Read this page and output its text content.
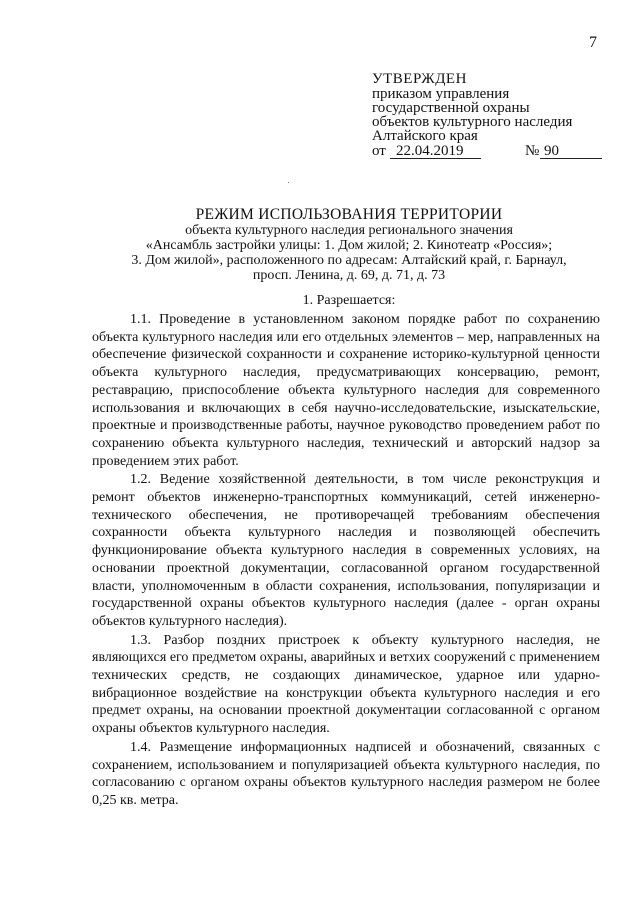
7
УТВЕРЖДЕН
приказом управления
государственной охраны
объектов культурного наследия
Алтайского края
от 22.04.2019	№ 90
РЕЖИМ ИСПОЛЬЗОВАНИЯ ТЕРРИТОРИИ
объекта культурного наследия регионального значения
«Ансамбль застройки улицы: 1. Дом жилой; 2. Кинотеатр «Россия»;
3. Дом жилой», расположенного по адресам: Алтайский край, г. Барнаул,
просп. Ленина, д. 69, д. 71, д. 73
1. Разрешается:

1.1. Проведение в установленном законом порядке работ по сохранению объекта культурного наследия или его отдельных элементов – мер, направленных на обеспечение физической сохранности и сохранение историко-культурной ценности объекта культурного наследия, предусматривающих консервацию, ремонт, реставрацию, приспособление объекта культурного наследия для современного использования и включающих в себя научно-исследовательские, изыскательские, проектные и производственные работы, научное руководство проведением работ по сохранению объекта культурного наследия, технический и авторский надзор за проведением этих работ.

1.2. Ведение хозяйственной деятельности, в том числе реконструкция и ремонт объектов инженерно-транспортных коммуникаций, сетей инженерно-технического обеспечения, не противоречащей требованиям обеспечения сохранности объекта культурного наследия и позволяющей обеспечить функционирование объекта культурного наследия в современных условиях, на основании проектной документации, согласованной органом государственной власти, уполномоченным в области сохранения, использования, популяризации и государственной охраны объектов культурного наследия (далее - орган охраны объектов культурного наследия).

1.3. Разбор поздних пристроек к объекту культурного наследия, не являющихся его предметом охраны, аварийных и ветхих сооружений с применением технических средств, не создающих динамическое, ударное или ударно-вибрационное воздействие на конструкции объекта культурного наследия и его предмет охраны, на основании проектной документации согласованной с органом охраны объектов культурного наследия.

1.4. Размещение информационных надписей и обозначений, связанных с сохранением, использованием и популяризацией объекта культурного наследия, по согласованию с органом охраны объектов культурного наследия размером не более 0,25 кв. метра.
